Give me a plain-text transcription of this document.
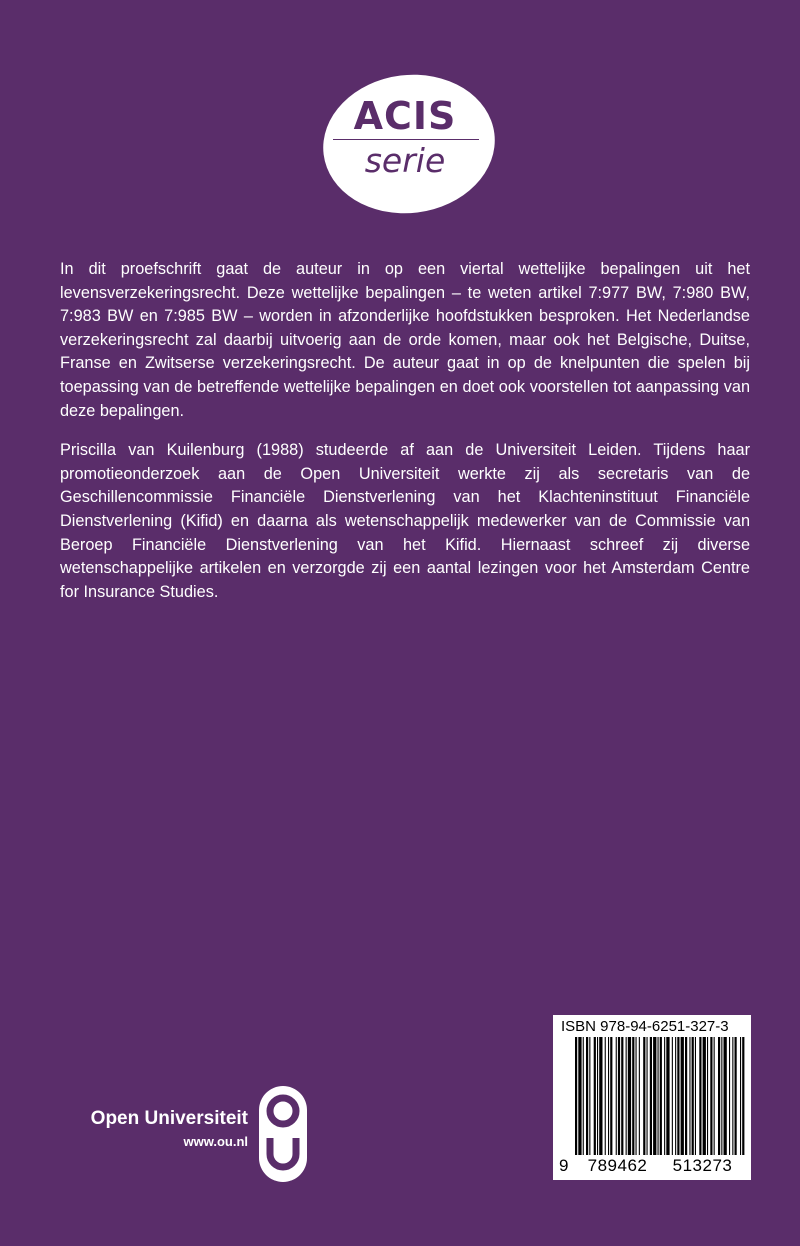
ACIS
serie

In dit proefschrift gaat de auteur in op een viertal wettelijke bepalingen uit het levensverzekeringsrecht. Deze wettelijke bepalingen – te weten artikel 7:977 BW, 7:980 BW, 7:983 BW en 7:985 BW – worden in afzonderlijke hoofdstukken besproken. Het Nederlandse verzekeringsrecht zal daarbij uitvoerig aan de orde komen, maar ook het Belgische, Duitse, Franse en Zwitserse verzekeringsrecht. De auteur gaat in op de knelpunten die spelen bij toepassing van de betreffende wettelijke bepalingen en doet ook voorstellen tot aanpassing van deze bepalingen.

Priscilla van Kuilenburg (1988) studeerde af aan de Universiteit Leiden. Tijdens haar promotieonderzoek aan de Open Universiteit werkte zij als secretaris van de Geschillencommissie Financiële Dienstverlening van het Klachteninstituut Financiële Dienstverlening (Kifid) en daarna als wetenschappelijk medewerker van de Commissie van Beroep Financiële Dienstverlening van het Kifid. Hiernaast schreef zij diverse wetenschappelijke artikelen en verzorgde zij een aantal lezingen voor het Amsterdam Centre for Insurance Studies.

Open Universiteit
www.ou.nl
ISBN 978-94-6251-327-3
9	789462	513273
